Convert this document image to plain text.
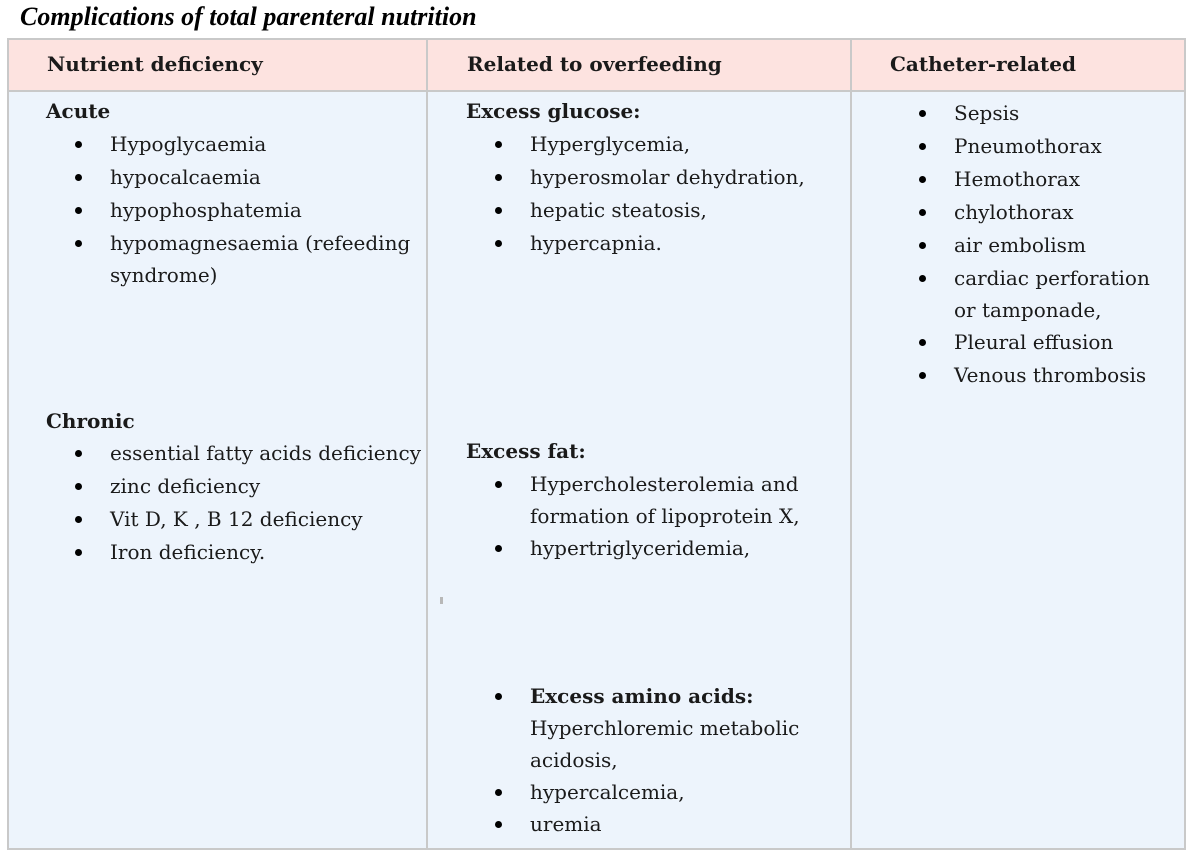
Complications of total parenteral nutrition
Nutrient deficiency	Related to overfeeding	Catheter-related
Acute
Hypoglycaemia
hypocalcaemia
hypophosphatemia
hypomagnesaemia (refeeding syndrome)
Chronic
essential fatty acids deficiency
zinc deficiency
Vit D, K , B 12 deficiency
Iron deficiency.
Excess glucose:
Hyperglycemia,
hyperosmolar dehydration,
hepatic steatosis,
hypercapnia.
Excess fat:
Hypercholesterolemia and formation of lipoprotein X,
hypertriglyceridemia,
Excess amino acids:
Hyperchloremic metabolic acidosis,
hypercalcemia,
uremia
Sepsis
Pneumothorax
Hemothorax
chylothorax
air embolism
cardiac perforation or tamponade,
Pleural effusion
Venous thrombosis
